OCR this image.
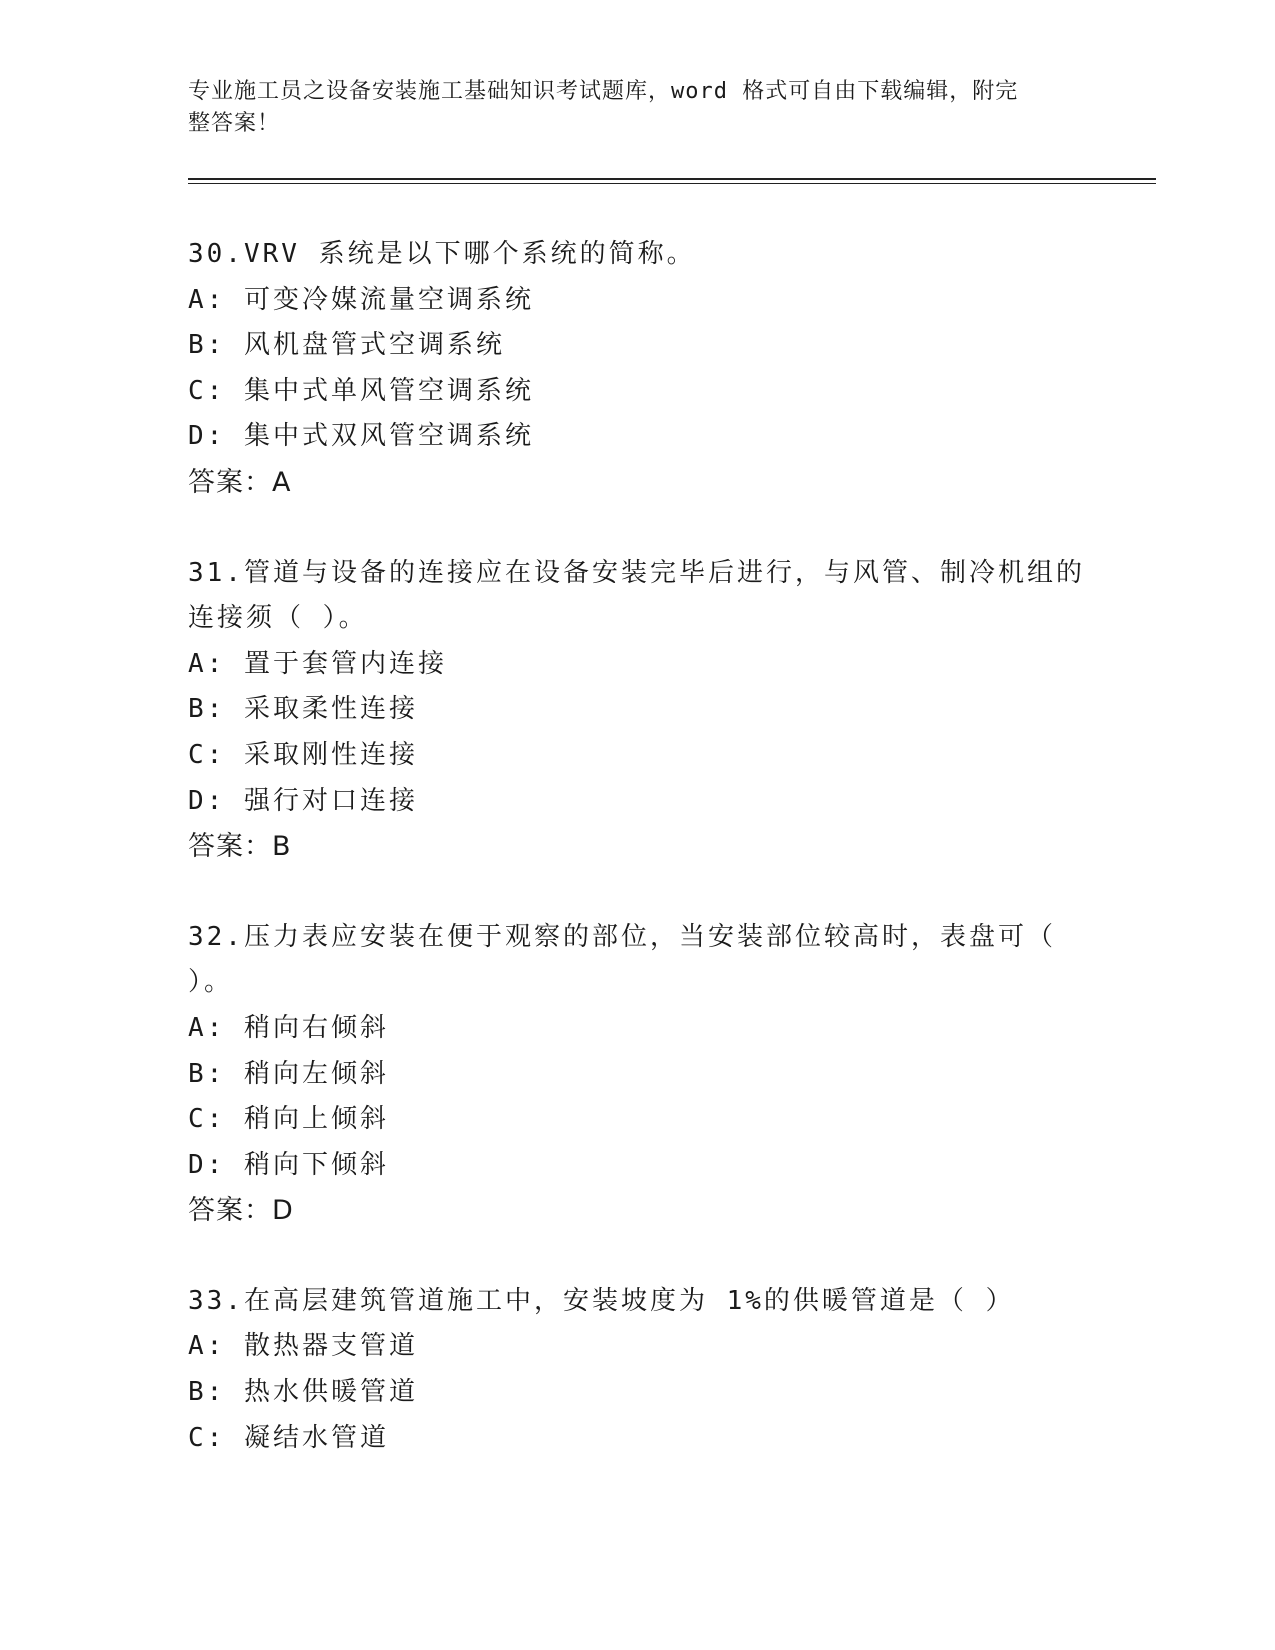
专业施工员之设备安装施工基础知识考试题库，word 格式可自由下载编辑，附完
整答案！
30.VRV 系统是以下哪个系统的简称。
A: 可变冷媒流量空调系统
B: 风机盘管式空调系统
C: 集中式单风管空调系统
D: 集中式双风管空调系统
答案：A
31.管道与设备的连接应在设备安装完毕后进行，与风管、制冷机组的
连接须（ ）。
A: 置于套管内连接
B: 采取柔性连接
C: 采取刚性连接
D: 强行对口连接
答案：B
32.压力表应安装在便于观察的部位，当安装部位较高时，表盘可（
）。
A: 稍向右倾斜
B: 稍向左倾斜
C: 稍向上倾斜
D: 稍向下倾斜
答案：D
33.在高层建筑管道施工中，安装坡度为 1%的供暖管道是（ ）
A: 散热器支管道
B: 热水供暖管道
C: 凝结水管道
